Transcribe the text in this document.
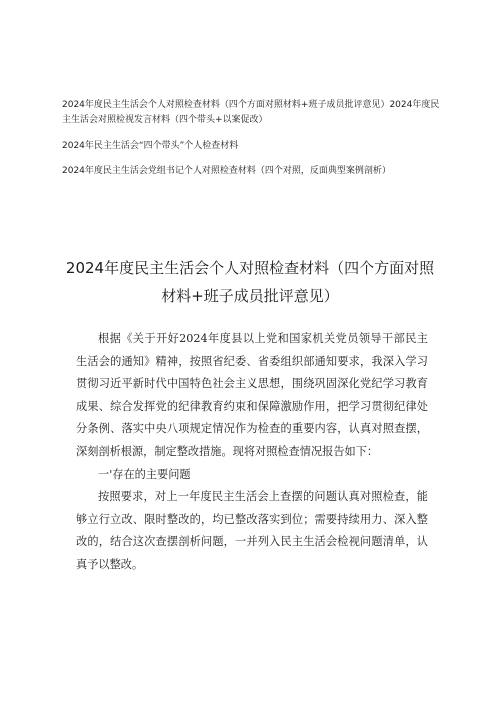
2024年度民主生活会个人对照检查材料（四个方面对照材料+班子成员批评意见）2024年度民主生活会对照检视发言材料（四个带头+以案促改）
2024年民主生活会“四个带头”个人检查材料
2024年度民主生活会党组书记个人对照检查材料（四个对照，反面典型案例剖析）
2024年度民主生活会个人对照检查材料（四个方面对照
材料+班子成员批评意见）

根据《关于开好2024年度县以上党和国家机关党员领导干部民主生活会的通知》精神，按照省纪委、省委组织部通知要求，我深入学习贯彻习近平新时代中国特色社会主义思想，围绕巩固深化党纪学习教育成果、综合发挥党的纪律教育约束和保障激励作用，把学习贯彻纪律处分条例、落实中央八项规定情况作为检查的重要内容，认真对照查摆，深刻剖析根源，制定整改措施。现将对照检查情况报告如下：

一'存在的主要问题

按照要求，对上一年度民主生活会上查摆的问题认真对照检查，能够立行立改、限时整改的，均已整改落实到位；需要持续用力、深入整改的，结合这次查摆剖析问题，一并列入民主生活会检视问题清单，认真予以整改。
